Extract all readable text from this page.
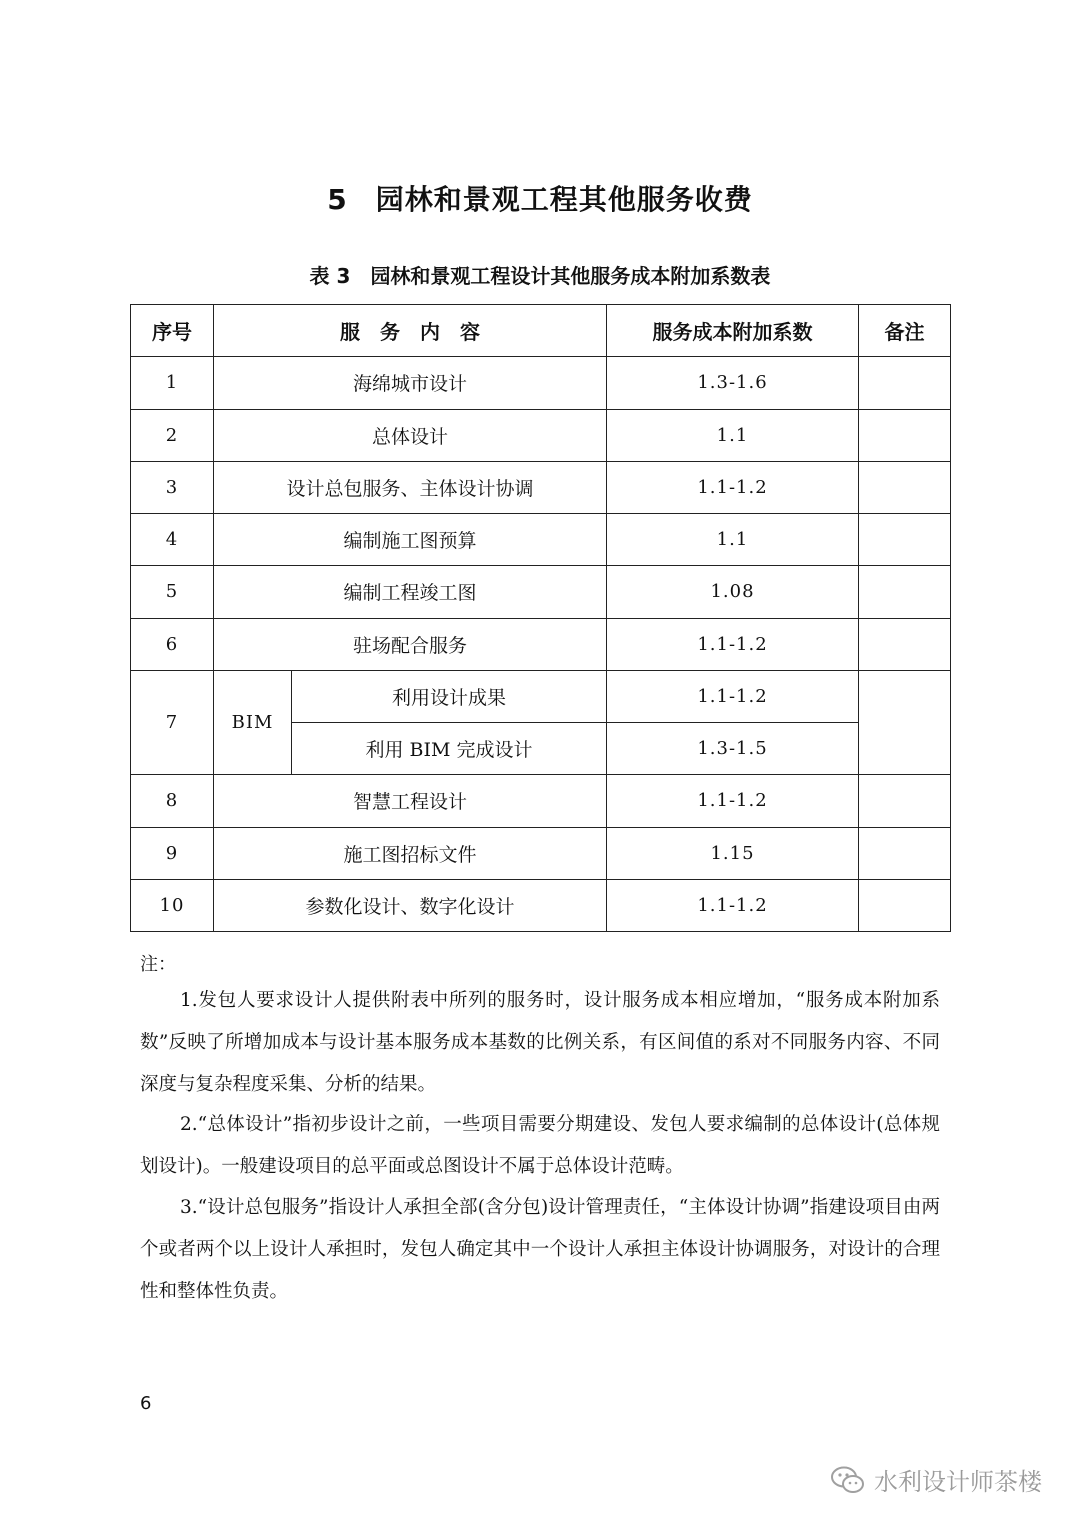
5 园林和景观工程其他服务收费
表 3 园林和景观工程设计其他服务成本附加系数表
序号	服　务　内　容		服务成本附加系数	备注
1	海绵城市设计		1.3-1.6	
2	总体设计		1.1	
3	设计总包服务、主体设计协调		1.1-1.2	
4	编制施工图预算		1.1	
5	编制工程竣工图		1.08	
6	驻场配合服务		1.1-1.2	
7	BIM	利用设计成果	1.1-1.2	
		利用 BIM 完成设计	1.3-1.5	
8	智慧工程设计		1.1-1.2	
9	施工图招标文件		1.15	
10	参数化设计、数字化设计		1.1-1.2	
注：
1.发包人要求设计人提供附表中所列的服务时，设计服务成本相应增加，“服务成本附加系数”反映了所增加成本与设计基本服务成本基数的比例关系，有区间值的系对不同服务内容、不同深度与复杂程度采集、分析的结果。
2.“总体设计”指初步设计之前，一些项目需要分期建设、发包人要求编制的总体设计(总体规划设计)。一般建设项目的总平面或总图设计不属于总体设计范畴。
3.“设计总包服务”指设计人承担全部(含分包)设计管理责任，“主体设计协调”指建设项目由两个或者两个以上设计人承担时，发包人确定其中一个设计人承担主体设计协调服务，对设计的合理性和整体性负责。
6
水利设计师茶楼
